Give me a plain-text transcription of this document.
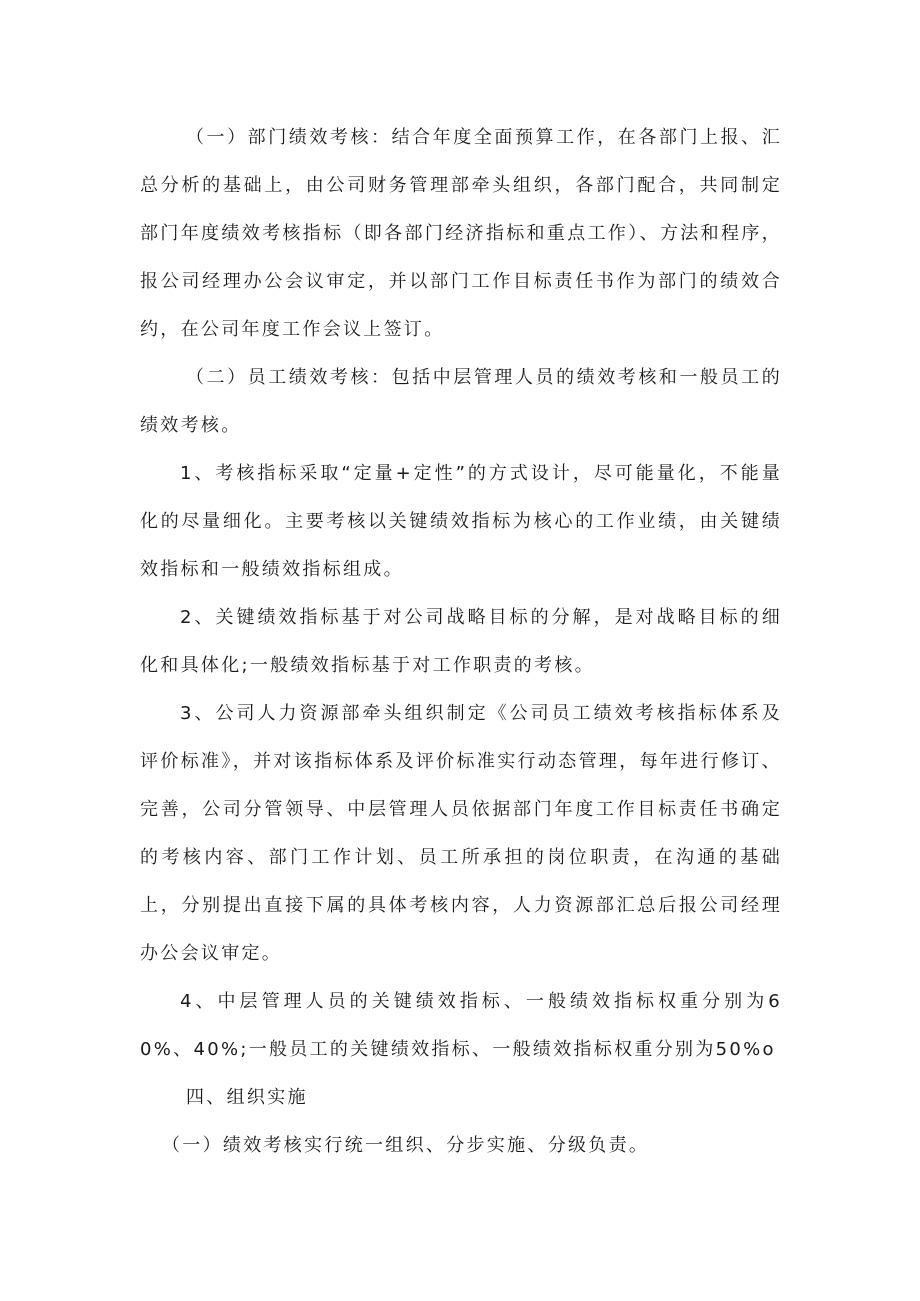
（一）部门绩效考核：结合年度全面预算工作，在各部门上报、汇总分析的基础上，由公司财务管理部牵头组织，各部门配合，共同制定部门年度绩效考核指标（即各部门经济指标和重点工作）、方法和程序，报公司经理办公会议审定，并以部门工作目标责任书作为部门的绩效合约，在公司年度工作会议上签订。

（二）员工绩效考核：包括中层管理人员的绩效考核和一般员工的绩效考核。

1、考核指标采取“定量+定性”的方式设计，尽可能量化，不能量化的尽量细化。主要考核以关键绩效指标为核心的工作业绩，由关键绩效指标和一般绩效指标组成。

2、关键绩效指标基于对公司战略目标的分解，是对战略目标的细化和具体化;一般绩效指标基于对工作职责的考核。

3、公司人力资源部牵头组织制定《公司员工绩效考核指标体系及评价标准》，并对该指标体系及评价标准实行动态管理，每年进行修订、完善，公司分管领导、中层管理人员依据部门年度工作目标责任书确定的考核内容、部门工作计划、员工所承担的岗位职责，在沟通的基础上，分别提出直接下属的具体考核内容，人力资源部汇总后报公司经理办公会议审定。

4、中层管理人员的关键绩效指标、一般绩效指标权重分别为60%、40%;一般员工的关键绩效指标、一般绩效指标权重分别为50%o

四、组织实施

（一）绩效考核实行统一组织、分步实施、分级负责。
